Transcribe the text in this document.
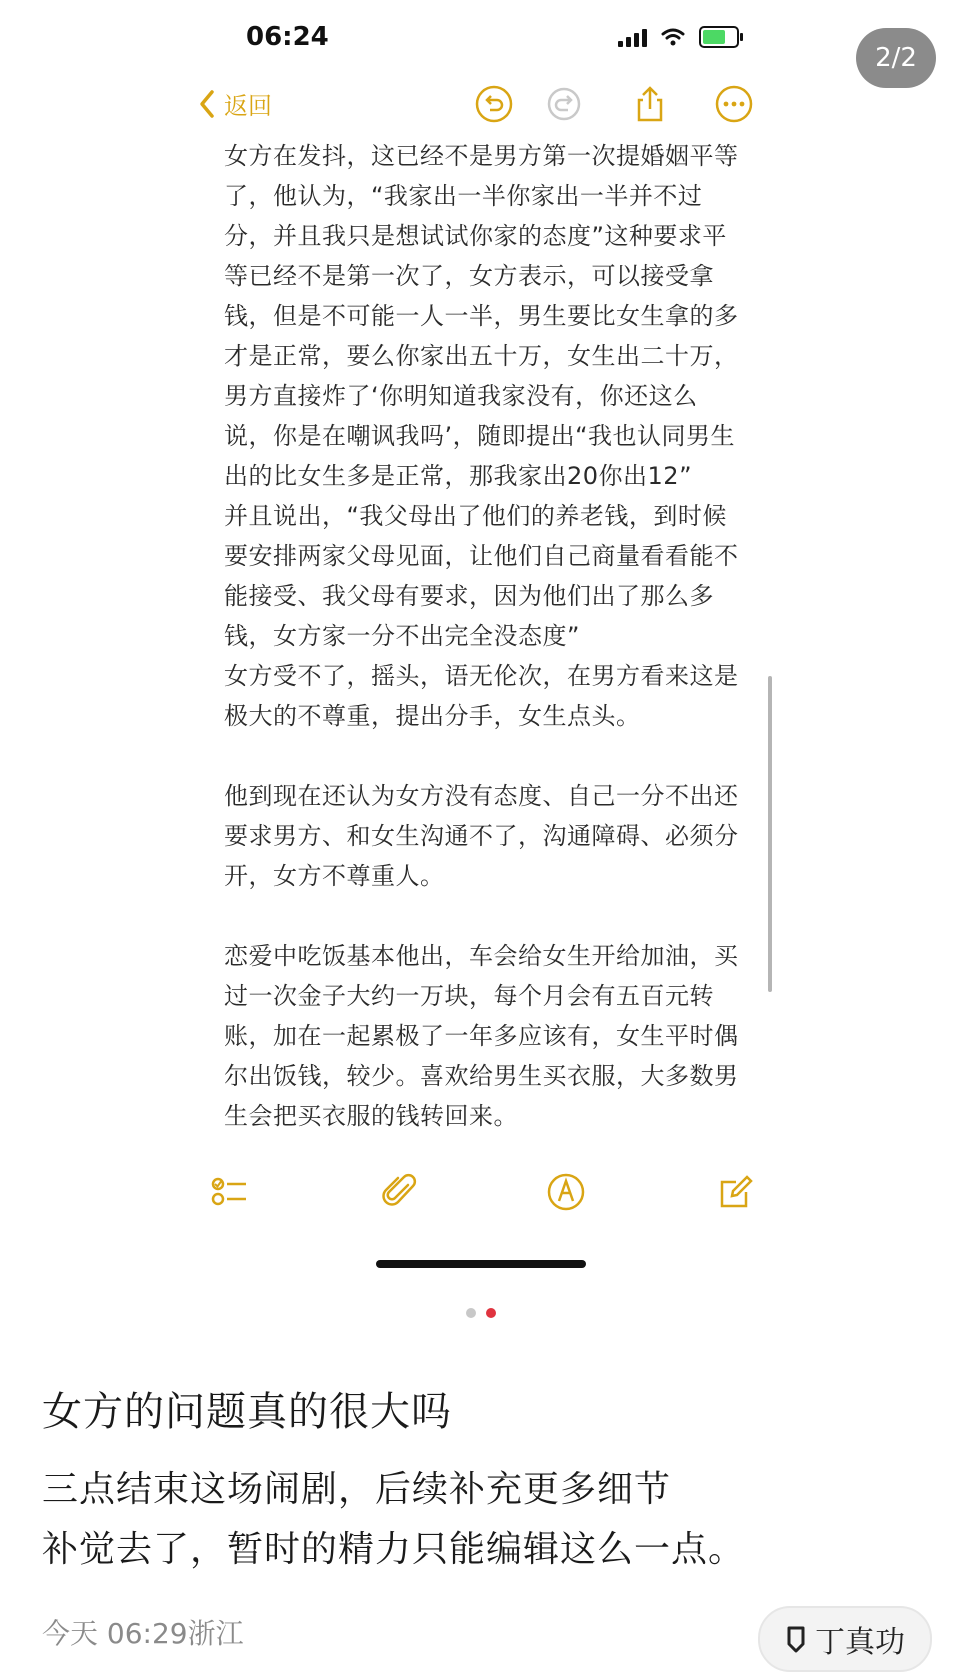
06:24
2/2
返回

女方在发抖，这已经不是男方第一次提婚姻平等了，他认为，“我家出一半你家出一半并不过分，并且我只是想试试你家的态度”这种要求平等已经不是第一次了，女方表示，可以接受拿钱，但是不可能一人一半，男生要比女生拿的多才是正常，要么你家出五十万，女生出二十万，男方直接炸了‘你明知道我家没有，你还这么说，你是在嘲讽我吗’，随即提出“我也认同男生出的比女生多是正常，那我家出20你出12”

并且说出，“我父母出了他们的养老钱，到时候要安排两家父母见面，让他们自己商量看看能不能接受、我父母有要求，因为他们出了那么多钱，女方家一分不出完全没态度”

女方受不了，摇头，语无伦次，在男方看来这是极大的不尊重，提出分手，女生点头。

他到现在还认为女方没有态度、自己一分不出还要求男方、和女生沟通不了，沟通障碍、必须分开，女方不尊重人。

恋爱中吃饭基本他出，车会给女生开给加油，买过一次金子大约一万块，每个月会有五百元转账，加在一起累极了一年多应该有，女生平时偶尔出饭钱，较少。喜欢给男生买衣服，大多数男生会把买衣服的钱转回来。

女方的问题真的很大吗

三点结束这场闹剧，后续补充更多细节

补觉去了，暂时的精力只能编辑这么一点。

今天 06:29浙江	丁真功
